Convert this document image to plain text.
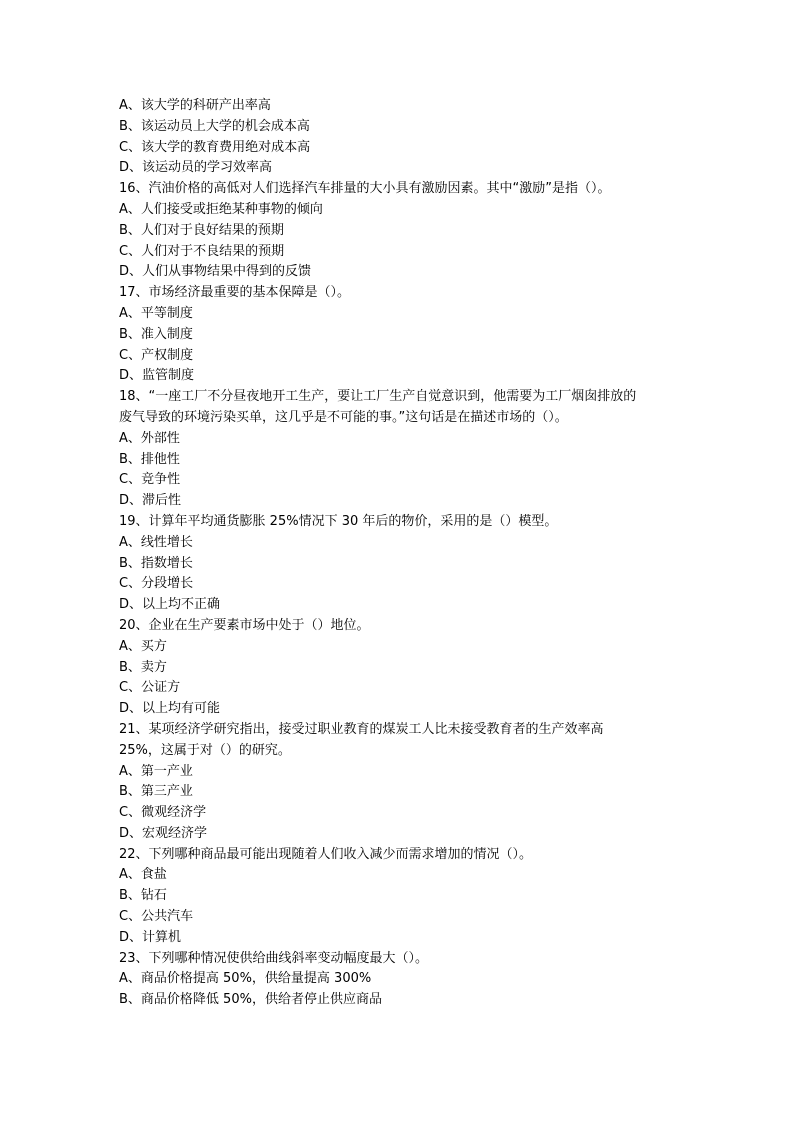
A、该大学的科研产出率高
B、该运动员上大学的机会成本高
C、该大学的教育费用绝对成本高
D、该运动员的学习效率高
16、汽油价格的高低对人们选择汽车排量的大小具有激励因素。其中“激励”是指（）。
A、人们接受或拒绝某种事物的倾向
B、人们对于良好结果的预期
C、人们对于不良结果的预期
D、人们从事物结果中得到的反馈
17、市场经济最重要的基本保障是（）。
A、平等制度
B、准入制度
C、产权制度
D、监管制度
18、“一座工厂不分昼夜地开工生产，要让工厂生产自觉意识到，他需要为工厂烟囱排放的
废气导致的环境污染买单，这几乎是不可能的事。”这句话是在描述市场的（）。
A、外部性
B、排他性
C、竞争性
D、滞后性
19、计算年平均通货膨胀 25%情况下 30 年后的物价，采用的是（）模型。
A、线性增长
B、指数增长
C、分段增长
D、以上均不正确
20、企业在生产要素市场中处于（）地位。
A、买方
B、卖方
C、公证方
D、以上均有可能
21、某项经济学研究指出，接受过职业教育的煤炭工人比未接受教育者的生产效率高
25%，这属于对（）的研究。
A、第一产业
B、第三产业
C、微观经济学
D、宏观经济学
22、下列哪种商品最可能出现随着人们收入减少而需求增加的情况（）。
A、食盐
B、钻石
C、公共汽车
D、计算机
23、下列哪种情况使供给曲线斜率变动幅度最大（）。
A、商品价格提高 50%，供给量提高 300%
B、商品价格降低 50%，供给者停止供应商品
